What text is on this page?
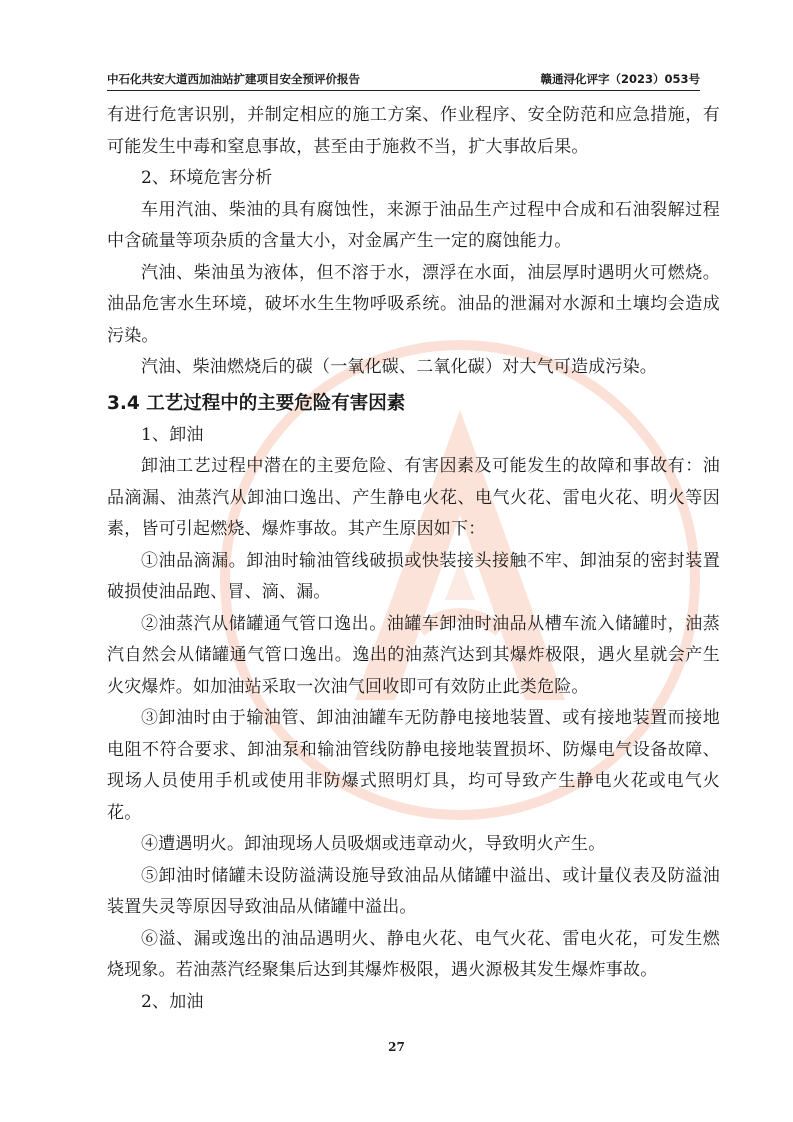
中石化共安大道西加油站扩建项目安全预评价报告	赣通浔化评字（2023）053号

有进行危害识别，并制定相应的施工方案、作业程序、安全防范和应急措施，有可能发生中毒和窒息事故，甚至由于施救不当，扩大事故后果。

2、环境危害分析

车用汽油、柴油的具有腐蚀性，来源于油品生产过程中合成和石油裂解过程中含硫量等项杂质的含量大小，对金属产生一定的腐蚀能力。

汽油、柴油虽为液体，但不溶于水，漂浮在水面，油层厚时遇明火可燃烧。油品危害水生环境，破坏水生生物呼吸系统。油品的泄漏对水源和土壤均会造成污染。

汽油、柴油燃烧后的碳（一氧化碳、二氧化碳）对大气可造成污染。

3.4 工艺过程中的主要危险有害因素

1、卸油

卸油工艺过程中潜在的主要危险、有害因素及可能发生的故障和事故有：油品滴漏、油蒸汽从卸油口逸出、产生静电火花、电气火花、雷电火花、明火等因素，皆可引起燃烧、爆炸事故。其产生原因如下：

①油品滴漏。卸油时输油管线破损或快装接头接触不牢、卸油泵的密封装置破损使油品跑、冒、滴、漏。

②油蒸汽从储罐通气管口逸出。油罐车卸油时油品从槽车流入储罐时，油蒸汽自然会从储罐通气管口逸出。逸出的油蒸汽达到其爆炸极限，遇火星就会产生火灾爆炸。如加油站采取一次油气回收即可有效防止此类危险。

③卸油时由于输油管、卸油油罐车无防静电接地装置、或有接地装置而接地电阻不符合要求、卸油泵和输油管线防静电接地装置损坏、防爆电气设备故障、现场人员使用手机或使用非防爆式照明灯具，均可导致产生静电火花或电气火花。

④遭遇明火。卸油现场人员吸烟或违章动火，导致明火产生。

⑤卸油时储罐未设防溢满设施导致油品从储罐中溢出、或计量仪表及防溢油装置失灵等原因导致油品从储罐中溢出。

⑥溢、漏或逸出的油品遇明火、静电火花、电气火花、雷电火花，可发生燃烧现象。若油蒸汽经聚集后达到其爆炸极限，遇火源极其发生爆炸事故。

2、加油

27
